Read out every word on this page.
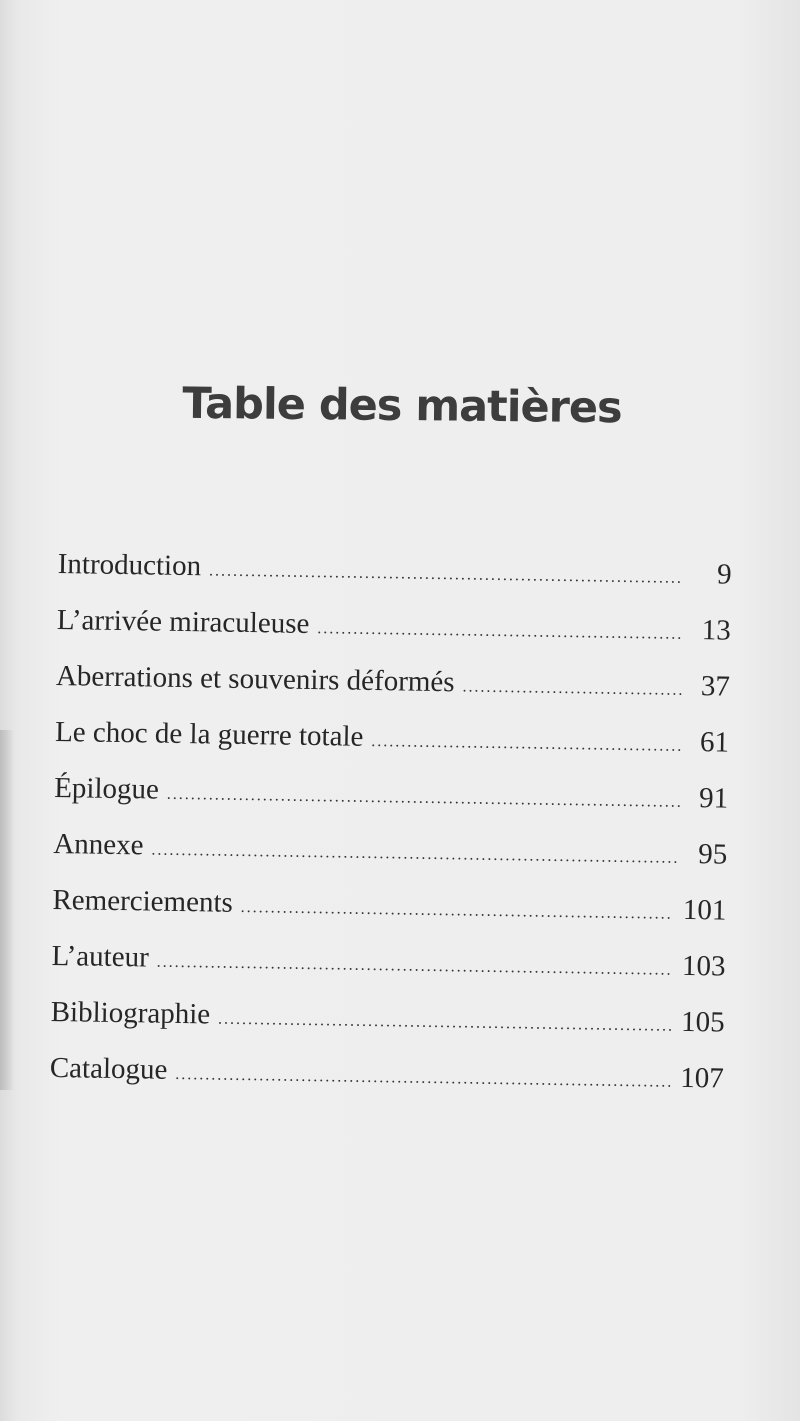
Table des matières
Introduction .....	9
L’arrivée miraculeuse .....	13
Aberrations et souvenirs déformés .....	37
Le choc de la guerre totale .....	61
Épilogue .....	91
Annexe .....	95
Remerciements .....	101
L’auteur .....	103
Bibliographie .....	105
Catalogue .....	107
